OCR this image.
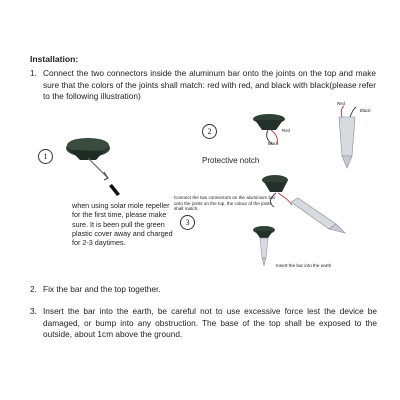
Installation:
1. Connect the two connectors inside the aluminum bar onto the joints on the top and make sure that the colors of the joints shall match: red with red, and black with black(please refer to the following illustration)
1
2
3
Red
Black
Red
Black
Protective notch
when using solar mole repeller for the first time, please make sure. It is been pull the green plastic cover away and charged for 2-3 daytimes.
Connect the two connectors on the aluminium bar onto the joints on the top, the colour of the joints shall match.
Insert the bar into the earth
2. Fix the bar and the top together.
3. Insert the bar into the earth, be careful not to use excessive force lest the device be damaged, or bump into any obstruction. The base of the top shall be exposed to the outside, about 1cm above the ground.
